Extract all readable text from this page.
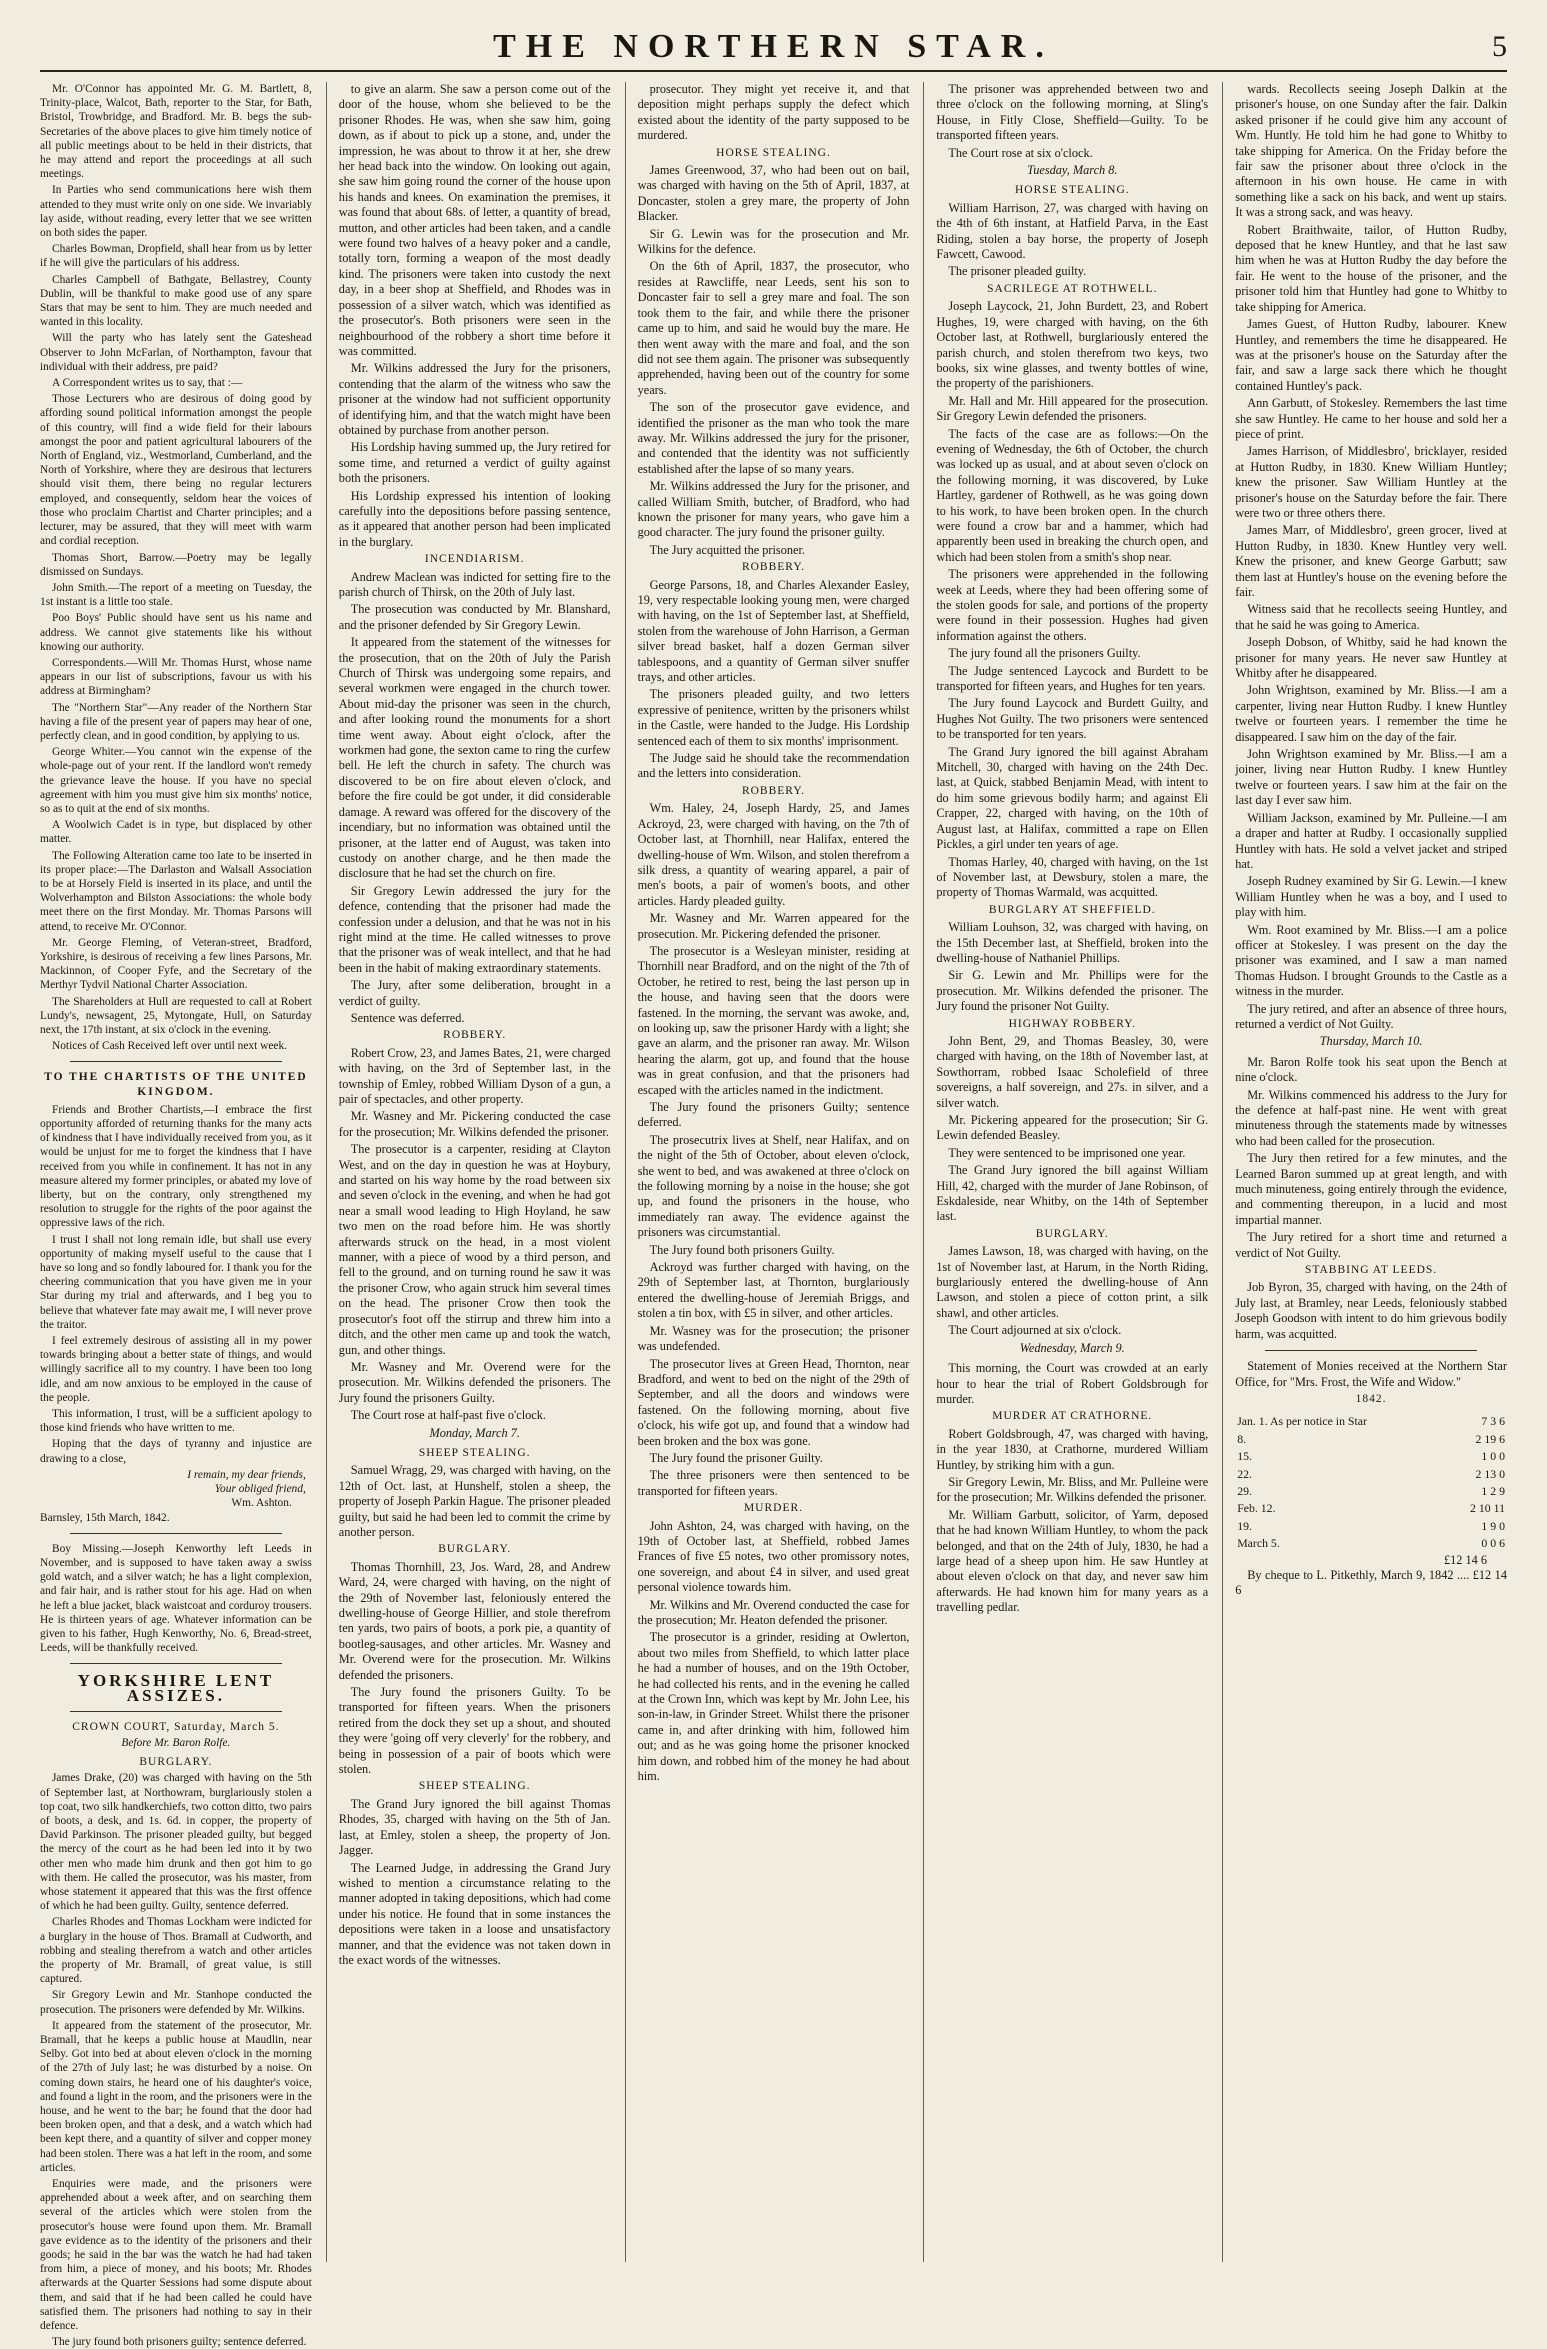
THE NORTHERN STAR.	5

Mr. O'Connor has appointed Mr. G. M. Bartlett, 8, Trinity-place, Walcot, Bath, reporter to the Star, for Bath, Bristol, Trowbridge, and Bradford. Mr. B. begs the sub-Secretaries of the above places to give him timely notice of all public meetings about to be held in their districts, that he may attend and report the proceedings at all such meetings.

In Parties who send communications here wish them attended to they must write only on one side. We invariably lay aside, without reading, every letter that we see written on both sides the paper.

Charles Bowman, Dropfield, shall hear from us by letter if he will give the particulars of his address.

Charles Campbell of Bathgate, Bellastrey, County Dublin, will be thankful to make good use of any spare Stars that may be sent to him. They are much needed and wanted in this locality.

Will the party who has lately sent the Gateshead Observer to John McFarlan, of Northampton, favour that individual with their address, pre paid?

A Correspondent writes us to say, that :—

Those Lecturers who are desirous of doing good by affording sound political information amongst the people of this country, will find a wide field for their labours amongst the poor and patient agricultural labourers of the North of England, viz., Westmorland, Cumberland, and the North of Yorkshire, where they are desirous that lecturers should visit them, there being no regular lecturers employed, and consequently, seldom hear the voices of those who proclaim Chartist and Charter principles; and a lecturer, may be assured, that they will meet with warm and cordial reception.

Thomas Short, Barrow.—Poetry may be legally dismissed on Sundays.

John Smith.—The report of a meeting on Tuesday, the 1st instant is a little too stale.

Poo Boys' Public should have sent us his name and address. We cannot give statements like his without knowing our authority.

Correspondents.—Will Mr. Thomas Hurst, whose name appears in our list of subscriptions, favour us with his address at Birmingham?

The "Northern Star"—Any reader of the Northern Star having a file of the present year of papers may hear of one, perfectly clean, and in good condition, by applying to us.

George Whiter.—You cannot win the expense of the whole-page out of your rent. If the landlord won't remedy the grievance leave the house. If you have no special agreement with him you must give him six months' notice, so as to quit at the end of six months.

A Woolwich Cadet is in type, but displaced by other matter.

The Following Alteration came too late to be inserted in its proper place:—The Darlaston and Walsall Association to be at Horsely Field is inserted in its place, and until the Wolverhampton and Bilston Associations: the whole body meet there on the first Monday. Mr. Thomas Parsons will attend, to receive Mr. O'Connor.

Mr. George Fleming, of Veteran-street, Bradford, Yorkshire, is desirous of receiving a few lines Parsons, Mr. Mackinnon, of Cooper Fyfe, and the Secretary of the Merthyr Tydvil National Charter Association.

The Shareholders at Hull are requested to call at Robert Lundy's, newsagent, 25, Mytongate, Hull, on Saturday next, the 17th instant, at six o'clock in the evening.

Notices of Cash Received left over until next week.

TO THE CHARTISTS OF THE UNITED KINGDOM.

Friends and Brother Chartists,—I embrace the first opportunity afforded of returning thanks for the many acts of kindness that I have individually received from you, as it would be unjust for me to forget the kindness that I have received from you while in confinement. It has not in any measure altered my former principles, or abated my love of liberty, but on the contrary, only strengthened my resolution to struggle for the rights of the poor against the oppressive laws of the rich.

I trust I shall not long remain idle, but shall use every opportunity of making myself useful to the cause that I have so long and so fondly laboured for. I thank you for the cheering communication that you have given me in your Star during my trial and afterwards, and I beg you to believe that whatever fate may await me, I will never prove the traitor.

I feel extremely desirous of assisting all in my power towards bringing about a better state of things, and would willingly sacrifice all to my country. I have been too long idle, and am now anxious to be employed in the cause of the people.

This information, I trust, will be a sufficient apology to those kind friends who have written to me.

Hoping that the days of tyranny and injustice are drawing to a close,

I remain, my dear friends,
Your obliged friend,
Wm. Ashton.

Barnsley, 15th March, 1842.

Boy Missing.—Joseph Kenworthy left Leeds in November, and is supposed to have taken away a swiss gold watch, and a silver watch; he has a light complexion, and fair hair, and is rather stout for his age. Had on when he left a blue jacket, black waistcoat and corduroy trousers. He is thirteen years of age. Whatever information can be given to his father, Hugh Kenworthy, No. 6, Bread-street, Leeds, will be thankfully received.

YORKSHIRE LENT ASSIZES.
CROWN COURT, Saturday, March 5.
Before Mr. Baron Rolfe.
BURGLARY.

James Drake, (20) was charged with having on the 5th of September last, at Northowram, burglariously stolen a top coat, two silk handkerchiefs, two cotton ditto, two pairs of boots, a desk, and 1s. 6d. in copper, the property of David Parkinson. The prisoner pleaded guilty, but begged the mercy of the court as he had been led into it by two other men who made him drunk and then got him to go with them. He called the prosecutor, was his master, from whose statement it appeared that this was the first offence of which he had been guilty. Guilty, sentence deferred.

Charles Rhodes and Thomas Lockham were indicted for a burglary in the house of Thos. Bramall at Cudworth, and robbing and stealing therefrom a watch and other articles the property of Mr. Bramall, of great value, is still captured.

Sir Gregory Lewin and Mr. Stanhope conducted the prosecution. The prisoners were defended by Mr. Wilkins.

It appeared from the statement of the prosecutor, Mr. Bramall, that he keeps a public house at Maudlin, near Selby. Got into bed at about eleven o'clock in the morning of the 27th of July last; he was disturbed by a noise. On coming down stairs, he heard one of his daughter's voice, and found a light in the room, and the prisoners were in the house, and he went to the bar; he found that the door had been broken open, and that a desk, and a watch which had been kept there, and a quantity of silver and copper money had been stolen. There was a hat left in the room, and some articles.

Enquiries were made, and the prisoners were apprehended about a week after, and on searching them several of the articles which were stolen from the prosecutor's house were found upon them. Mr. Bramall gave evidence as to the identity of the prisoners and their goods; he said in the bar was the watch he had had taken from him, a piece of money, and his boots; Mr. Rhodes afterwards at the Quarter Sessions had some dispute about them, and said that if he had been called he could have satisfied them. The prisoners had nothing to say in their defence.

The jury found both prisoners guilty; sentence deferred.

to give an alarm. She saw a person come out of the door of the house, whom she believed to be the prisoner Rhodes. He was, when she saw him, going down, as if about to pick up a stone, and, under the impression, he was about to throw it at her, she drew her head back into the window. On looking out again, she saw him going round the corner of the house upon his hands and knees. On examination the premises, it was found that about 68s. of letter, a quantity of bread, mutton, and other articles had been taken, and a candle were found two halves of a heavy poker and a candle, totally torn, forming a weapon of the most deadly kind. The prisoners were taken into custody the next day, in a beer shop at Sheffield, and Rhodes was in possession of a silver watch, which was identified as the prosecutor's. Both prisoners were seen in the neighbourhood of the robbery a short time before it was committed.

Mr. Wilkins addressed the Jury for the prisoners, contending that the alarm of the witness who saw the prisoner at the window had not sufficient opportunity of identifying him, and that the watch might have been obtained by purchase from another person.

His Lordship having summed up, the Jury retired for some time, and returned a verdict of guilty against both the prisoners.

His Lordship expressed his intention of looking carefully into the depositions before passing sentence, as it appeared that another person had been implicated in the burglary.

INCENDIARISM.

Andrew Maclean was indicted for setting fire to the parish church of Thirsk, on the 20th of July last.

The prosecution was conducted by Mr. Blanshard, and the prisoner defended by Sir Gregory Lewin.

It appeared from the statement of the witnesses for the prosecution, that on the 20th of July the Parish Church of Thirsk was undergoing some repairs, and several workmen were engaged in the church tower. About mid-day the prisoner was seen in the church, and after looking round the monuments for a short time went away. About eight o'clock, after the workmen had gone, the sexton came to ring the curfew bell. He left the church in safety. The church was discovered to be on fire about eleven o'clock, and before the fire could be got under, it did considerable damage. A reward was offered for the discovery of the incendiary, but no information was obtained until the prisoner, at the latter end of August, was taken into custody on another charge, and he then made the disclosure that he had set the church on fire.

Sir Gregory Lewin addressed the jury for the defence, contending that the prisoner had made the confession under a delusion, and that he was not in his right mind at the time. He called witnesses to prove that the prisoner was of weak intellect, and that he had been in the habit of making extraordinary statements.

The Jury, after some deliberation, brought in a verdict of guilty.

Sentence was deferred.

ROBBERY.

Robert Crow, 23, and James Bates, 21, were charged with having, on the 3rd of September last, in the township of Emley, robbed William Dyson of a gun, a pair of spectacles, and other property.

Mr. Wasney and Mr. Pickering conducted the case for the prosecution; Mr. Wilkins defended the prisoner.

The prosecutor is a carpenter, residing at Clayton West, and on the day in question he was at Hoybury, and started on his way home by the road between six and seven o'clock in the evening, and when he had got near a small wood leading to High Hoyland, he saw two men on the road before him. He was shortly afterwards struck on the head, in a most violent manner, with a piece of wood by a third person, and fell to the ground, and on turning round he saw it was the prisoner Crow, who again struck him several times on the head. The prisoner Crow then took the prosecutor's foot off the stirrup and threw him into a ditch, and the other men came up and took the watch, gun, and other things.

Mr. Wasney and Mr. Overend were for the prosecution. Mr. Wilkins defended the prisoners. The Jury found the prisoners Guilty.

The Court rose at half-past five o'clock.

Monday, March 7.
SHEEP STEALING.

Samuel Wragg, 29, was charged with having, on the 12th of Oct. last, at Hunshelf, stolen a sheep, the property of Joseph Parkin Hague. The prisoner pleaded guilty, but said he had been led to commit the crime by another person.

BURGLARY.

Thomas Thornhill, 23, Jos. Ward, 28, and Andrew Ward, 24, were charged with having, on the night of the 29th of November last, feloniously entered the dwelling-house of George Hillier, and stole therefrom ten yards, two pairs of boots, a pork pie, a quantity of bootleg-sausages, and other articles. Mr. Wasney and Mr. Overend were for the prosecution. Mr. Wilkins defended the prisoners.

The Jury found the prisoners Guilty. To be transported for fifteen years. When the prisoners retired from the dock they set up a shout, and shouted they were 'going off very cleverly' for the robbery, and being in possession of a pair of boots which were stolen.

SHEEP STEALING.

The Grand Jury ignored the bill against Thomas Rhodes, 35, charged with having on the 5th of Jan. last, at Emley, stolen a sheep, the property of Jon. Jagger.

The Learned Judge, in addressing the Grand Jury wished to mention a circumstance relating to the manner adopted in taking depositions, which had come under his notice. He found that in some instances the depositions were taken in a loose and unsatisfactory manner, and that the evidence was not taken down in the exact words of the witnesses.

prosecutor. They might yet receive it, and that deposition might perhaps supply the defect which existed about the identity of the party supposed to be murdered.

HORSE STEALING.

James Greenwood, 37, who had been out on bail, was charged with having on the 5th of April, 1837, at Doncaster, stolen a grey mare, the property of John Blacker.

Sir G. Lewin was for the prosecution and Mr. Wilkins for the defence.

On the 6th of April, 1837, the prosecutor, who resides at Rawcliffe, near Leeds, sent his son to Doncaster fair to sell a grey mare and foal. The son took them to the fair, and while there the prisoner came up to him, and said he would buy the mare. He then went away with the mare and foal, and the son did not see them again. The prisoner was subsequently apprehended, having been out of the country for some years.

The son of the prosecutor gave evidence, and identified the prisoner as the man who took the mare away. Mr. Wilkins addressed the jury for the prisoner, and contended that the identity was not sufficiently established after the lapse of so many years.

Mr. Wilkins addressed the Jury for the prisoner, and called William Smith, butcher, of Bradford, who had known the prisoner for many years, who gave him a good character. The jury found the prisoner guilty.

The Jury acquitted the prisoner.

ROBBERY.

George Parsons, 18, and Charles Alexander Easley, 19, very respectable looking young men, were charged with having, on the 1st of September last, at Sheffield, stolen from the warehouse of John Harrison, a German silver bread basket, half a dozen German silver tablespoons, and a quantity of German silver snuffer trays, and other articles.

The prisoners pleaded guilty, and two letters expressive of penitence, written by the prisoners whilst in the Castle, were handed to the Judge. His Lordship sentenced each of them to six months' imprisonment.

The Judge said he should take the recommendation and the letters into consideration.

ROBBERY.

Wm. Haley, 24, Joseph Hardy, 25, and James Ackroyd, 23, were charged with having, on the 7th of October last, at Thornhill, near Halifax, entered the dwelling-house of Wm. Wilson, and stolen therefrom a silk dress, a quantity of wearing apparel, a pair of men's boots, a pair of women's boots, and other articles. Hardy pleaded guilty.

Mr. Wasney and Mr. Warren appeared for the prosecution. Mr. Pickering defended the prisoner.

The prosecutor is a Wesleyan minister, residing at Thornhill near Bradford, and on the night of the 7th of October, he retired to rest, being the last person up in the house, and having seen that the doors were fastened. In the morning, the servant was awoke, and, on looking up, saw the prisoner Hardy with a light; she gave an alarm, and the prisoner ran away. Mr. Wilson hearing the alarm, got up, and found that the house was in great confusion, and that the prisoners had escaped with the articles named in the indictment.

The Jury found the prisoners Guilty; sentence deferred.

The prosecutrix lives at Shelf, near Halifax, and on the night of the 5th of October, about eleven o'clock, she went to bed, and was awakened at three o'clock on the following morning by a noise in the house; she got up, and found the prisoners in the house, who immediately ran away. The evidence against the prisoners was circumstantial.

The Jury found both prisoners Guilty.

Ackroyd was further charged with having, on the 29th of September last, at Thornton, burglariously entered the dwelling-house of Jeremiah Briggs, and stolen a tin box, with £5 in silver, and other articles.

Mr. Wasney was for the prosecution; the prisoner was undefended.

The prosecutor lives at Green Head, Thornton, near Bradford, and went to bed on the night of the 29th of September, and all the doors and windows were fastened. On the following morning, about five o'clock, his wife got up, and found that a window had been broken and the box was gone.

The Jury found the prisoner Guilty.

The three prisoners were then sentenced to be transported for fifteen years.

MURDER.

John Ashton, 24, was charged with having, on the 19th of October last, at Sheffield, robbed James Frances of five £5 notes, two other promissory notes, one sovereign, and about £4 in silver, and used great personal violence towards him.

Mr. Wilkins and Mr. Overend conducted the case for the prosecution; Mr. Heaton defended the prisoner.

The prosecutor is a grinder, residing at Owlerton, about two miles from Sheffield, to which latter place he had a number of houses, and on the 19th October, he had collected his rents, and in the evening he called at the Crown Inn, which was kept by Mr. John Lee, his son-in-law, in Grinder Street. Whilst there the prisoner came in, and after drinking with him, followed him out; and as he was going home the prisoner knocked him down, and robbed him of the money he had about him.

The prisoner was apprehended between two and three o'clock on the following morning, at Sling's House, in Fitly Close, Sheffield—Guilty. To be transported fifteen years.

The Court rose at six o'clock.

Tuesday, March 8.
HORSE STEALING.

William Harrison, 27, was charged with having on the 4th of 6th instant, at Hatfield Parva, in the East Riding, stolen a bay horse, the property of Joseph Fawcett, Cawood.

The prisoner pleaded guilty.

SACRILEGE AT ROTHWELL.

Joseph Laycock, 21, John Burdett, 23, and Robert Hughes, 19, were charged with having, on the 6th October last, at Rothwell, burglariously entered the parish church, and stolen therefrom two keys, two books, six wine glasses, and twenty bottles of wine, the property of the parishioners.

Mr. Hall and Mr. Hill appeared for the prosecution. Sir Gregory Lewin defended the prisoners.

The facts of the case are as follows:—On the evening of Wednesday, the 6th of October, the church was locked up as usual, and at about seven o'clock on the following morning, it was discovered, by Luke Hartley, gardener of Rothwell, as he was going down to his work, to have been broken open. In the church were found a crow bar and a hammer, which had apparently been used in breaking the church open, and which had been stolen from a smith's shop near.

The prisoners were apprehended in the following week at Leeds, where they had been offering some of the stolen goods for sale, and portions of the property were found in their possession. Hughes had given information against the others.

The jury found all the prisoners Guilty.

The Judge sentenced Laycock and Burdett to be transported for fifteen years, and Hughes for ten years.

The Jury found Laycock and Burdett Guilty, and Hughes Not Guilty. The two prisoners were sentenced to be transported for ten years.

The Grand Jury ignored the bill against Abraham Mitchell, 30, charged with having on the 24th Dec. last, at Quick, stabbed Benjamin Mead, with intent to do him some grievous bodily harm; and against Eli Crapper, 22, charged with having, on the 10th of August last, at Halifax, committed a rape on Ellen Pickles, a girl under ten years of age.

Thomas Harley, 40, charged with having, on the 1st of November last, at Dewsbury, stolen a mare, the property of Thomas Warmald, was acquitted.

BURGLARY AT SHEFFIELD.

William Louhson, 32, was charged with having, on the 15th December last, at Sheffield, broken into the dwelling-house of Nathaniel Phillips.

Sir G. Lewin and Mr. Phillips were for the prosecution. Mr. Wilkins defended the prisoner. The Jury found the prisoner Not Guilty.

HIGHWAY ROBBERY.

John Bent, 29, and Thomas Beasley, 30, were charged with having, on the 18th of November last, at Sowthorram, robbed Isaac Scholefield of three sovereigns, a half sovereign, and 27s. in silver, and a silver watch.

Mr. Pickering appeared for the prosecution; Sir G. Lewin defended Beasley.

They were sentenced to be imprisoned one year.

The Grand Jury ignored the bill against William Hill, 42, charged with the murder of Jane Robinson, of Eskdaleside, near Whitby, on the 14th of September last.

BURGLARY.

James Lawson, 18, was charged with having, on the 1st of November last, at Harum, in the North Riding, burglariously entered the dwelling-house of Ann Lawson, and stolen a piece of cotton print, a silk shawl, and other articles.

The Court adjourned at six o'clock.

Wednesday, March 9.

This morning, the Court was crowded at an early hour to hear the trial of Robert Goldsbrough for murder.

MURDER AT CRATHORNE.

Robert Goldsbrough, 47, was charged with having, in the year 1830, at Crathorne, murdered William Huntley, by striking him with a gun.

Sir Gregory Lewin, Mr. Bliss, and Mr. Pulleine were for the prosecution; Mr. Wilkins defended the prisoner.

Mr. William Garbutt, solicitor, of Yarm, deposed that he had known William Huntley, to whom the pack belonged, and that on the 24th of July, 1830, he had a large head of a sheep upon him. He saw Huntley at about eleven o'clock on that day, and never saw him afterwards. He had known him for many years as a travelling pedlar.

wards. Recollects seeing Joseph Dalkin at the prisoner's house, on one Sunday after the fair. Dalkin asked prisoner if he could give him any account of Wm. Huntly. He told him he had gone to Whitby to take shipping for America. On the Friday before the fair saw the prisoner about three o'clock in the afternoon in his own house. He came in with something like a sack on his back, and went up stairs. It was a strong sack, and was heavy.

Robert Braithwaite, tailor, of Hutton Rudby, deposed that he knew Huntley, and that he last saw him when he was at Hutton Rudby the day before the fair. He went to the house of the prisoner, and the prisoner told him that Huntley had gone to Whitby to take shipping for America.

James Guest, of Hutton Rudby, labourer. Knew Huntley, and remembers the time he disappeared. He was at the prisoner's house on the Saturday after the fair, and saw a large sack there which he thought contained Huntley's pack.

Ann Garbutt, of Stokesley. Remembers the last time she saw Huntley. He came to her house and sold her a piece of print.

James Harrison, of Middlesbro', bricklayer, resided at Hutton Rudby, in 1830. Knew William Huntley; knew the prisoner. Saw William Huntley at the prisoner's house on the Saturday before the fair. There were two or three others there.

James Marr, of Middlesbro', green grocer, lived at Hutton Rudby, in 1830. Knew Huntley very well. Knew the prisoner, and knew George Garbutt; saw them last at Huntley's house on the evening before the fair.

Witness said that he recollects seeing Huntley, and that he said he was going to America.

Joseph Dobson, of Whitby, said he had known the prisoner for many years. He never saw Huntley at Whitby after he disappeared.

John Wrightson, examined by Mr. Bliss.—I am a carpenter, living near Hutton Rudby. I knew Huntley twelve or fourteen years. I remember the time he disappeared. I saw him on the day of the fair.

John Wrightson examined by Mr. Bliss.—I am a joiner, living near Hutton Rudby. I knew Huntley twelve or fourteen years. I saw him at the fair on the last day I ever saw him.

William Jackson, examined by Mr. Pulleine.—I am a draper and hatter at Rudby. I occasionally supplied Huntley with hats. He sold a velvet jacket and striped hat.

Joseph Rudney examined by Sir G. Lewin.—I knew William Huntley when he was a boy, and I used to play with him.

Wm. Root examined by Mr. Bliss.—I am a police officer at Stokesley. I was present on the day the prisoner was examined, and I saw a man named Thomas Hudson. I brought Grounds to the Castle as a witness in the murder.

The jury retired, and after an absence of three hours, returned a verdict of Not Guilty.

Thursday, March 10.

Mr. Baron Rolfe took his seat upon the Bench at nine o'clock.

Mr. Wilkins commenced his address to the Jury for the defence at half-past nine. He went with great minuteness through the statements made by witnesses who had been called for the prosecution.

The Jury then retired for a few minutes, and the Learned Baron summed up at great length, and with much minuteness, going entirely through the evidence, and commenting thereupon, in a lucid and most impartial manner.

The Jury retired for a short time and returned a verdict of Not Guilty.

STABBING AT LEEDS.

Job Byron, 35, charged with having, on the 24th of July last, at Bramley, near Leeds, feloniously stabbed Joseph Goodson with intent to do him grievous bodily harm, was acquitted.

Statement of Monies received at the Northern Star Office, for "Mrs. Frost, the Wife and Widow."

1842.
Jan. 1. As per notice in Star	7 3 6
8.	2 19 6
15.	1 0 0
22.	2 13 0
29.	1 2 9
Feb. 12.	2 10 11
19.	1 9 0
March 5.	0 0 6
£12 14 6

By cheque to L. Pitkethly, March 9, 1842 .... £12 14 6
